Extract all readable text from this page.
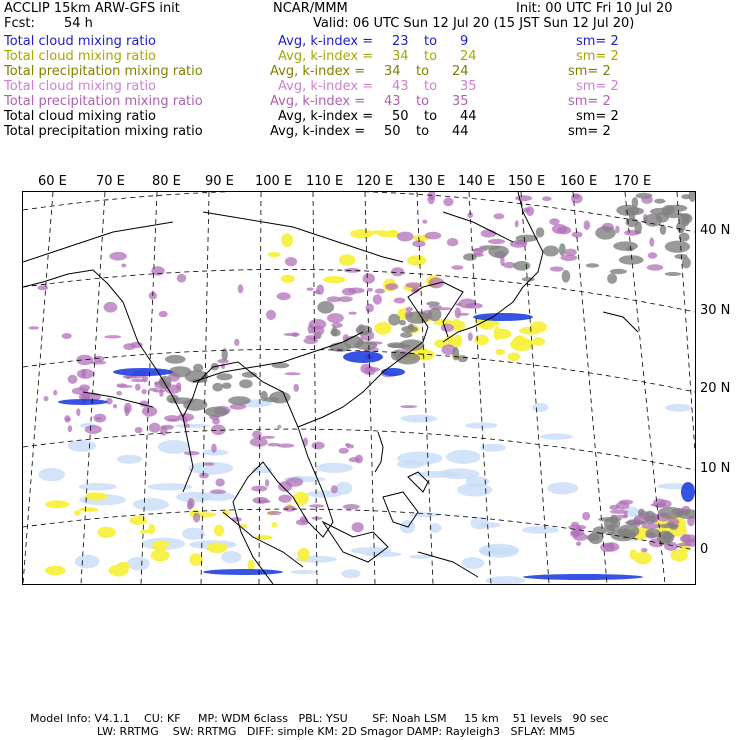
ACCLIP 15km ARW-GFS init	NCAR/MMM	Init: 00 UTC Fri 10 Jul 20
Fcst: 54 h	Valid: 06 UTC Sun 12 Jul 20 (15 JST Sun 12 Jul 20)
Total cloud mixing ratio	Avg, k-index = 23 to 9	sm= 2
Total cloud mixing ratio	Avg, k-index = 34 to 24	sm= 2
Total precipitation mixing ratio	Avg, k-index = 34 to 24	sm= 2
Total cloud mixing ratio	Avg, k-index = 43 to 35	sm= 2
Total precipitation mixing ratio	Avg, k-index = 43 to 35	sm= 2
Total cloud mixing ratio	Avg, k-index = 50 to 44	sm= 2
Total precipitation mixing ratio	Avg, k-index = 50 to 44	sm= 2
60 E 70 E 80 E 90 E 100 E 110 E 120 E 130 E 140 E 150 E 160 E 170 E
40 N
30 N
20 N
10 N
0
Model Info: V4.1.1    CU: KF     MP: WDM 6class   PBL: YSU       SF: Noah LSM     15 km    51 levels   90 sec
LW: RRTMG    SW: RRTMG   DIFF: simple KM: 2D Smagor DAMP: Rayleigh3   SFLAY: MM5
